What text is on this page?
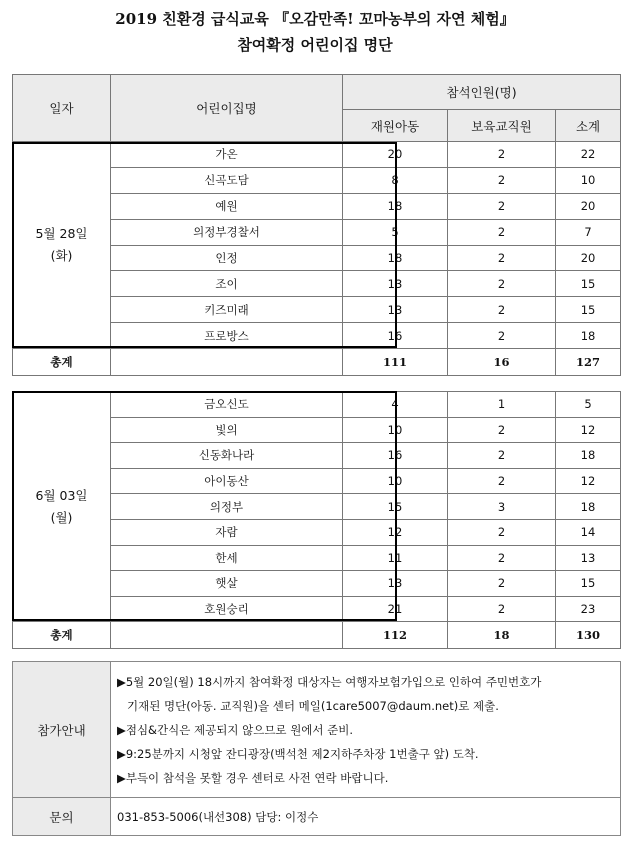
2019 친환경 급식교육 『오감만족! 꼬마농부의 자연 체험』
참여확정 어린이집 명단
일자	어린이집명	참석인원(명)		
		재원아동	보육교직원	소계

5월 28일
(화)	가온	20	2	22
	신곡도담	8	2	10
	예원	18	2	20
	의정부경찰서	5	2	7
	인정	18	2	20
	조이	13	2	15
	키즈미래	13	2	15
	프로방스	16	2	18
총계		111	16	127
6월 03일
(월)	금오신도	4	1	5
	빛의	10	2	12
	신동화나라	16	2	18
	아이동산	10	2	12
	의정부	15	3	18
	자람	12	2	14
	한세	11	2	13
	햇살	13	2	15
	호원숭리	21	2	23
총계		112	18	130
참가안내	▶5월 20일(월) 18시까지 참여확정 대상자는 여행자보험가입으로 인하여 주민번호가
기재된 명단(아동. 교직원)을 센터 메일(1care5007@daum.net)로 제출.
▶점심&간식은 제공되지 않으므로 원에서 준비.
▶9:25분까지 시청앞 잔디광장(백석천 제2지하주차장 1번출구 앞) 도착.
▶부득이 참석을 못할 경우 센터로 사전 연락 바랍니다.

문의	031-853-5006(내선308) 담당: 이정수
